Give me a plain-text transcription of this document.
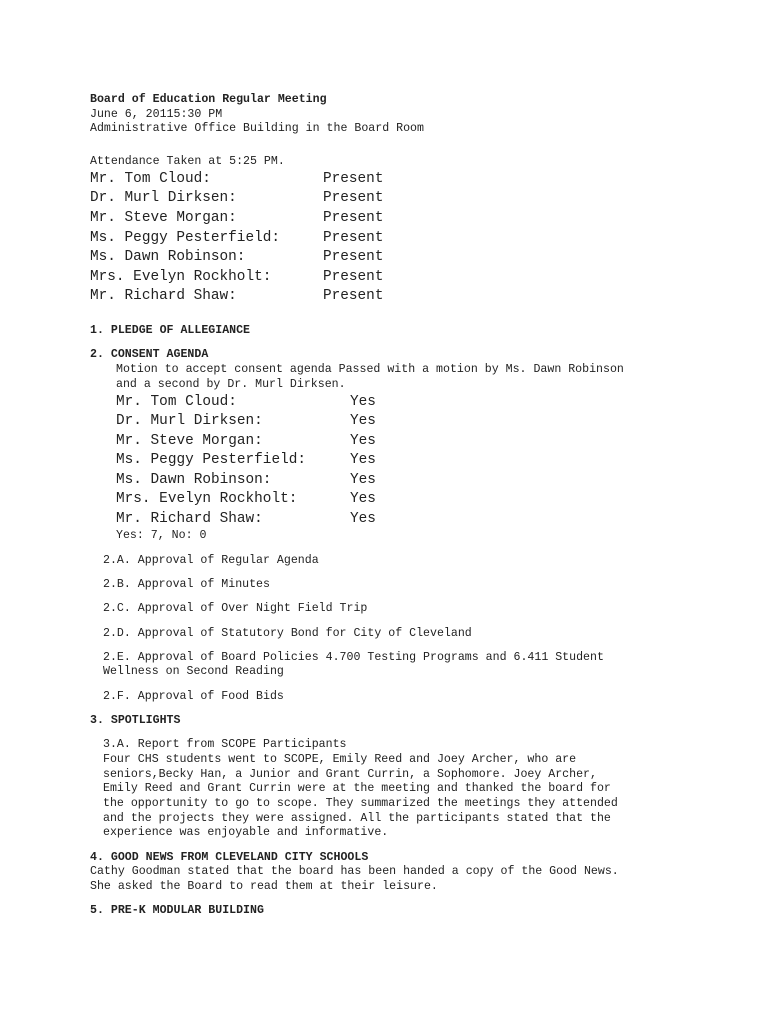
Board of Education Regular Meeting
June 6, 20115:30 PM
Administrative Office Building in the Board Room
Attendance Taken at 5:25 PM.
Mr. Tom Cloud:	Present
Dr. Murl Dirksen:	Present
Mr. Steve Morgan:	Present
Ms. Peggy Pesterfield:	Present
Ms. Dawn Robinson:	Present
Mrs. Evelyn Rockholt:	Present
Mr. Richard Shaw:	Present
1. PLEDGE OF ALLEGIANCE
2. CONSENT AGENDA
Motion to accept consent agenda Passed with a motion by Ms. Dawn Robinson
and a second by Dr. Murl Dirksen.
Mr. Tom Cloud:	Yes
Dr. Murl Dirksen:	Yes
Mr. Steve Morgan:	Yes
Ms. Peggy Pesterfield:	Yes
Ms. Dawn Robinson:	Yes
Mrs. Evelyn Rockholt:	Yes
Mr. Richard Shaw:	Yes
Yes: 7, No: 0
2.A. Approval of Regular Agenda
2.B. Approval of Minutes
2.C. Approval of Over Night Field Trip
2.D. Approval of Statutory Bond for City of Cleveland
2.E. Approval of Board Policies 4.700 Testing Programs and 6.411 Student
Wellness on Second Reading
2.F. Approval of Food Bids
3. SPOTLIGHTS
3.A. Report from SCOPE Participants
Four CHS students went to SCOPE, Emily Reed and Joey Archer, who are
seniors,Becky Han, a Junior and Grant Currin, a Sophomore. Joey Archer,
Emily Reed and Grant Currin were at the meeting and thanked the board for
the opportunity to go to scope. They summarized the meetings they attended
and the projects they were assigned. All the participants stated that the
experience was enjoyable and informative.
4. GOOD NEWS FROM CLEVELAND CITY SCHOOLS
Cathy Goodman stated that the board has been handed a copy of the Good News.
She asked the Board to read them at their leisure.
5. PRE-K MODULAR BUILDING
